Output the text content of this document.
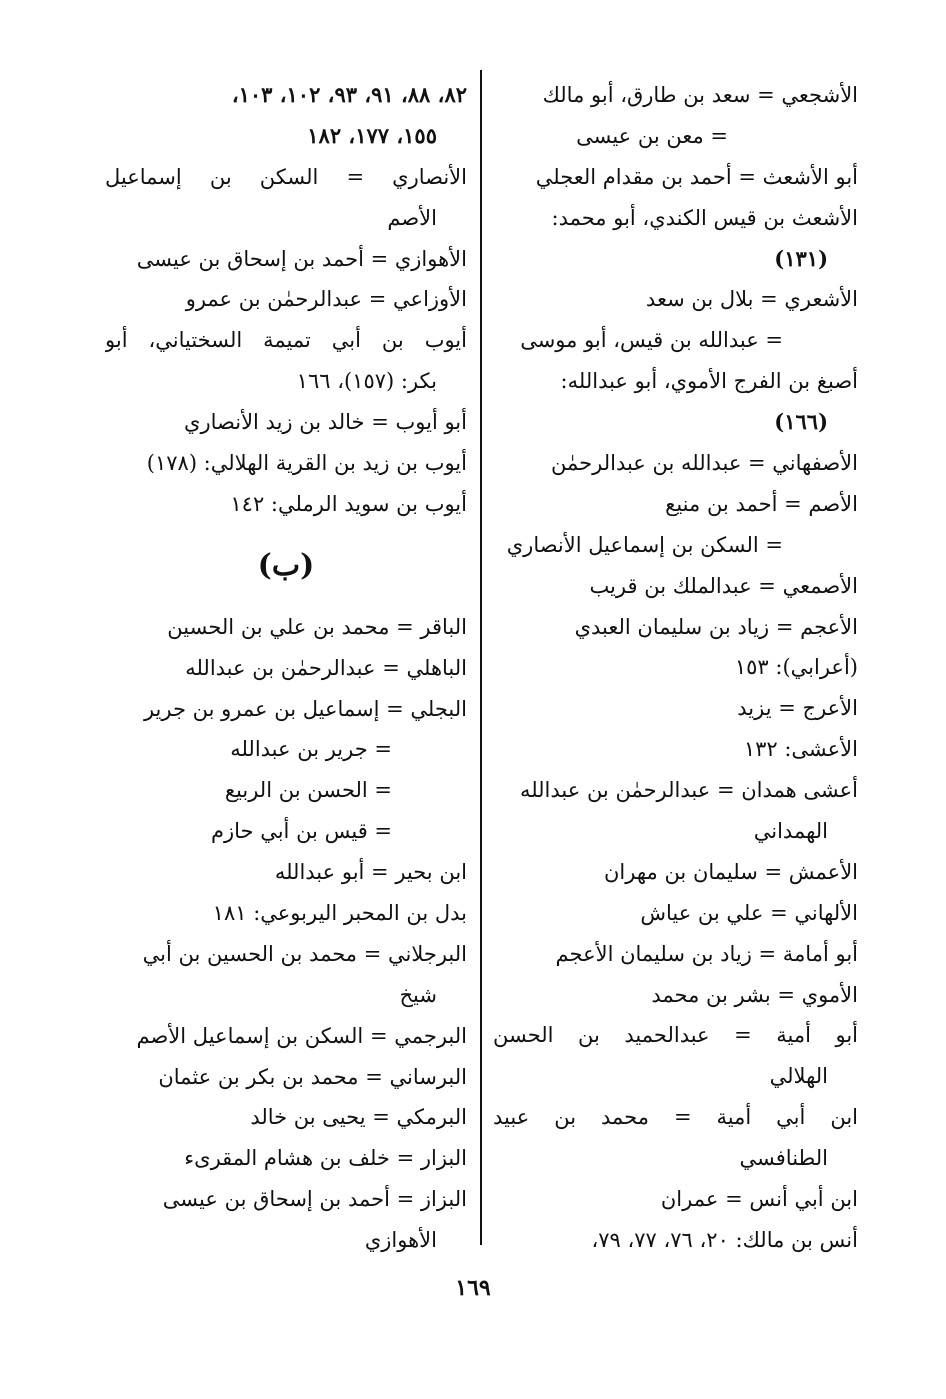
الأشجعي = سعد بن طارق، أبو مالك
= معن بن عيسى
أبو الأشعث = أحمد بن مقدام العجلي
الأشعث بن قيس الكندي، أبو محمد:
(١٣١)
الأشعري = بلال بن سعد
= عبدالله بن قيس، أبو موسى
أصبغ بن الفرج الأموي، أبو عبدالله:
(١٦٦)
الأصفهاني = عبدالله بن عبدالرحمٰن
الأصم = أحمد بن منيع
= السكن بن إسماعيل الأنصاري
الأصمعي = عبدالملك بن قريب
الأعجم = زياد بن سليمان العبدي
(أعرابي): ١٥٣
الأعرج = يزيد
الأعشى: ١٣٢
أعشى همدان = عبدالرحمٰن بن عبدالله
الهمداني
الأعمش = سليمان بن مهران
الألهاني = علي بن عياش
أبو أمامة = زياد بن سليمان الأعجم
الأموي = بشر بن محمد
أبو أمية = عبدالحميد بن الحسن
الهلالي
ابن أبي أمية = محمد بن عبيد
الطنافسي
ابن أبي أنس = عمران
أنس بن مالك: ٢٠، ٧٦، ٧٧، ٧٩،
٨٢، ٨٨، ٩١، ٩٣، ١٠٢، ١٠٣،
١٥٥، ١٧٧، ١٨٢
الأنصاري = السكن بن إسماعيل
الأصم
الأهوازي = أحمد بن إسحاق بن عيسى
الأوزاعي = عبدالرحمٰن بن عمرو
أيوب بن أبي تميمة السختياني، أبو
بكر: (١٥٧)، ١٦٦
أبو أيوب = خالد بن زيد الأنصاري
أيوب بن زيد بن القرية الهلالي: (١٧٨)
أيوب بن سويد الرملي: ١٤٢
(ب)
الباقر = محمد بن علي بن الحسين
الباهلي = عبدالرحمٰن بن عبدالله
البجلي = إسماعيل بن عمرو بن جرير
= جرير بن عبدالله
= الحسن بن الربيع
= قيس بن أبي حازم
ابن بحير = أبو عبدالله
بدل بن المحبر اليربوعي: ١٨١
البرجلاني = محمد بن الحسين بن أبي
شيخ
البرجمي = السكن بن إسماعيل الأصم
البرساني = محمد بن بكر بن عثمان
البرمكي = يحيى بن خالد
البزار = خلف بن هشام المقرىء
البزاز = أحمد بن إسحاق بن عيسى
الأهوازي
١٦٩
